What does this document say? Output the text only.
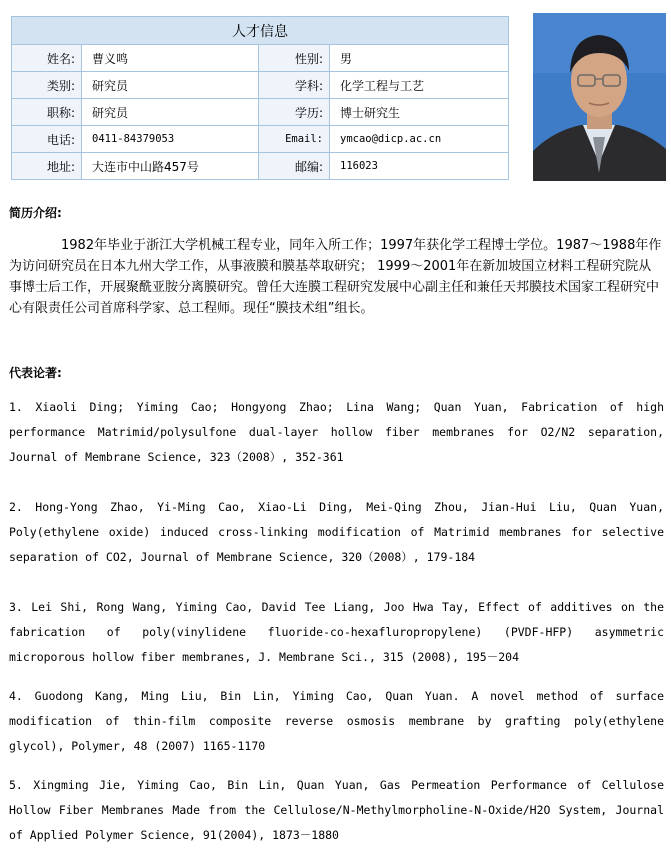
人才信息			
姓名:	曹义鸣	性别:	男
类别:	研究员	学科:	化学工程与工艺
职称:	研究员	学历:	博士研究生
电话:	0411-84379053	Email:	ymcao@dicp.ac.cn
地址:	大连市中山路457号	邮编:	116023
简历介绍:

1982年毕业于浙江大学机械工程专业，同年入所工作；1997年获化学工程博士学位。1987～1988年作为访问研究员在日本九州大学工作，从事液膜和膜基萃取研究； 1999～2001年在新加坡国立材料工程研究院从事博士后工作，开展聚酰亚胺分离膜研究。曾任大连膜工程研究发展中心副主任和兼任天邦膜技术国家工程研究中心有限责任公司首席科学家、总工程师。现任“膜技术组”组长。

代表论著:

1. Xiaoli Ding; Yiming Cao; Hongyong Zhao; Lina Wang; Quan Yuan, Fabrication of high performance Matrimid/polysulfone dual-layer hollow fiber membranes for O2/N2 separation, Journal of Membrane Science, 323（2008）, 352-361

2. Hong-Yong Zhao, Yi-Ming Cao, Xiao-Li Ding, Mei-Qing Zhou, Jian-Hui Liu, Quan Yuan, Poly(ethylene oxide) induced cross-linking modification of Matrimid membranes for selective separation of CO2, Journal of Membrane Science, 320（2008）, 179-184

3. Lei Shi, Rong Wang, Yiming Cao, David Tee Liang, Joo Hwa Tay, Effect of additives on the fabrication of poly(vinylidene fluoride-co-hexafluropropylene) (PVDF-HFP) asymmetric microporous hollow fiber membranes, J. Membrane Sci., 315 (2008), 195－204

4. Guodong Kang, Ming Liu, Bin Lin, Yiming Cao, Quan Yuan. A novel method of surface modification of thin-film composite reverse osmosis membrane by grafting poly(ethylene glycol), Polymer, 48 (2007) 1165-1170

5. Xingming Jie, Yiming Cao, Bin Lin, Quan Yuan, Gas Permeation Performance of Cellulose Hollow Fiber Membranes Made from the Cellulose/N-Methylmorpholine-N-Oxide/H2O System, Journal of Applied Polymer Science, 91(2004), 1873－1880
